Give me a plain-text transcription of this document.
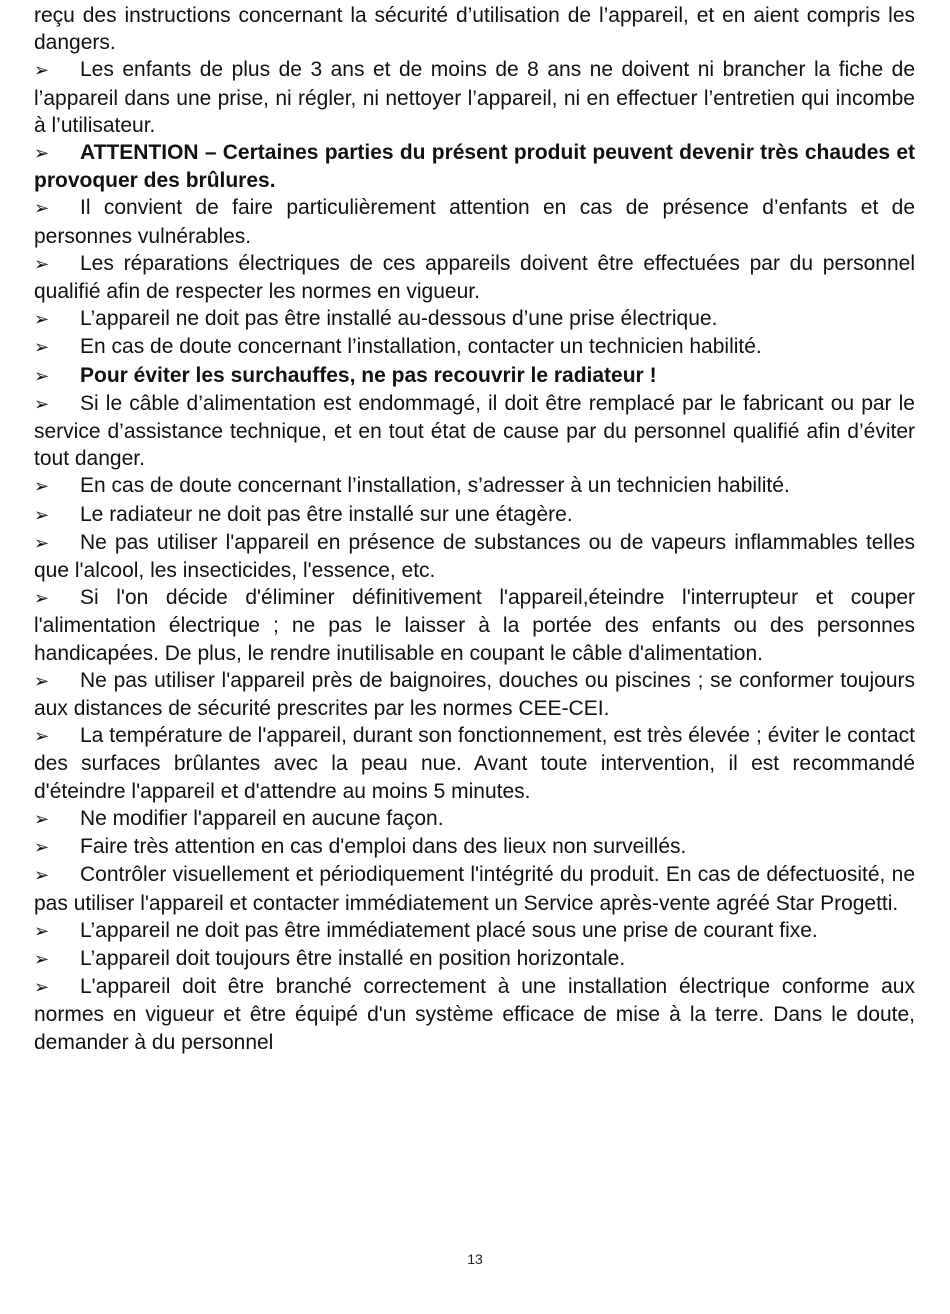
reçu des instructions concernant la sécurité d’utilisation de l’appareil, et en aient compris les dangers.

➢ Les enfants de plus de 3 ans et de moins de 8 ans ne doivent ni brancher la fiche de l’appareil dans une prise, ni régler, ni nettoyer l’appareil, ni en effectuer l’entretien qui incombe à l’utilisateur.

➢ ATTENTION – Certaines parties du présent produit peuvent devenir très chaudes et provoquer des brûlures.

➢ Il convient de faire particulièrement attention en cas de présence d’enfants et de personnes vulnérables.

➢ Les réparations électriques de ces appareils doivent être effectuées par du personnel qualifié afin de respecter les normes en vigueur.

➢ L’appareil ne doit pas être installé au-dessous d’une prise électrique.

➢ En cas de doute concernant l’installation, contacter un technicien habilité.

➢ Pour éviter les surchauffes, ne pas recouvrir le radiateur !

➢ Si le câble d’alimentation est endommagé, il doit être remplacé par le fabricant ou par le service d’assistance technique, et en tout état de cause par du personnel qualifié afin d’éviter tout danger.

➢ En cas de doute concernant l’installation, s’adresser à un technicien habilité.

➢ Le radiateur ne doit pas être installé sur une étagère.

➢ Ne pas utiliser l'appareil en présence de substances ou de vapeurs inflammables telles que l'alcool, les insecticides, l'essence, etc.

➢ Si l'on décide d'éliminer définitivement l'appareil,éteindre l'interrupteur et couper l'alimentation électrique ; ne pas le laisser à la portée des enfants ou des personnes handicapées. De plus, le rendre inutilisable en coupant le câble d'alimentation.

➢ Ne pas utiliser l'appareil près de baignoires, douches ou piscines ; se conformer toujours aux distances de sécurité prescrites par les normes CEE-CEI.

➢ La température de l'appareil, durant son fonctionnement, est très élevée ; éviter le contact des surfaces brûlantes avec la peau nue. Avant toute intervention, il est recommandé d'éteindre l'appareil et d'attendre au moins 5 minutes.

➢ Ne modifier l'appareil en aucune façon.

➢ Faire très attention en cas d'emploi dans des lieux non surveillés.

➢ Contrôler visuellement et périodiquement l'intégrité du produit. En cas de défectuosité, ne pas utiliser l'appareil et contacter immédiatement un Service après-vente agréé Star Progetti.

➢ L’appareil ne doit pas être immédiatement placé sous une prise de courant fixe.

➢ L’appareil doit toujours être installé en position horizontale.

➢ L'appareil doit être branché correctement à une installation électrique conforme aux normes en vigueur et être équipé d'un système efficace de mise à la terre. Dans le doute, demander à du personnel

13
